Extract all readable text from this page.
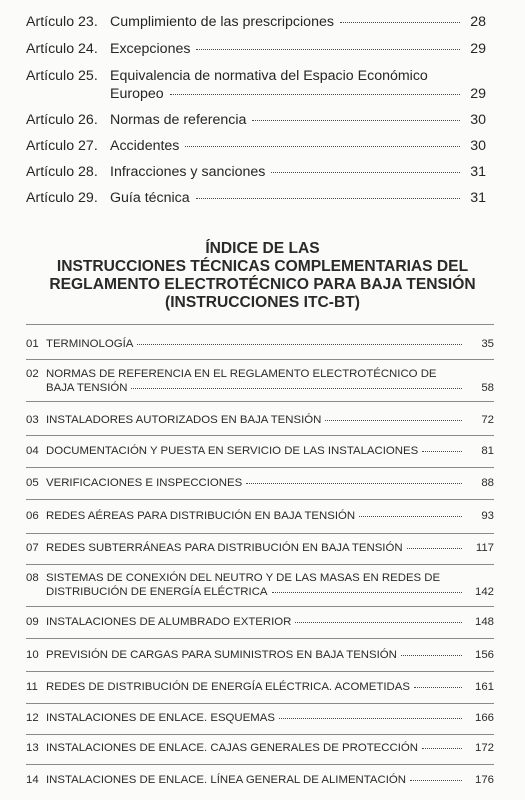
Artículo 23. Cumplimiento de las prescripciones	28
Artículo 24. Excepciones	29
Artículo 25. Equivalencia de normativa del Espacio Económico
Europeo	29
Artículo 26. Normas de referencia	30
Artículo 27. Accidentes	30
Artículo 28. Infracciones y sanciones	31
Artículo 29. Guía técnica	31
ÍNDICE DE LAS
INSTRUCCIONES TÉCNICAS COMPLEMENTARIAS DEL
REGLAMENTO ELECTROTÉCNICO PARA BAJA TENSIÓN
(INSTRUCCIONES ITC-BT)
01 TERMINOLOGÍA	35
02 NORMAS DE REFERENCIA EN EL REGLAMENTO ELECTROTÉCNICO DE
BAJA TENSIÓN	58
03 INSTALADORES AUTORIZADOS EN BAJA TENSIÓN	72
04 DOCUMENTACIÓN Y PUESTA EN SERVICIO DE LAS INSTALACIONES	81
05 VERIFICACIONES E INSPECCIONES	88
06 REDES AÉREAS PARA DISTRIBUCIÓN EN BAJA TENSIÓN	93
07 REDES SUBTERRÁNEAS PARA DISTRIBUCIÓN EN BAJA TENSIÓN	117
08 SISTEMAS DE CONEXIÓN DEL NEUTRO Y DE LAS MASAS EN REDES DE
DISTRIBUCIÓN DE ENERGÍA ELÉCTRICA	142
09 INSTALACIONES DE ALUMBRADO EXTERIOR	148
10 PREVISIÓN DE CARGAS PARA SUMINISTROS EN BAJA TENSIÓN	156
11 REDES DE DISTRIBUCIÓN DE ENERGÍA ELÉCTRICA. ACOMETIDAS	161
12 INSTALACIONES DE ENLACE. ESQUEMAS	166
13 INSTALACIONES DE ENLACE. CAJAS GENERALES DE PROTECCIÓN	172
14 INSTALACIONES DE ENLACE. LÍNEA GENERAL DE ALIMENTACIÓN	176
